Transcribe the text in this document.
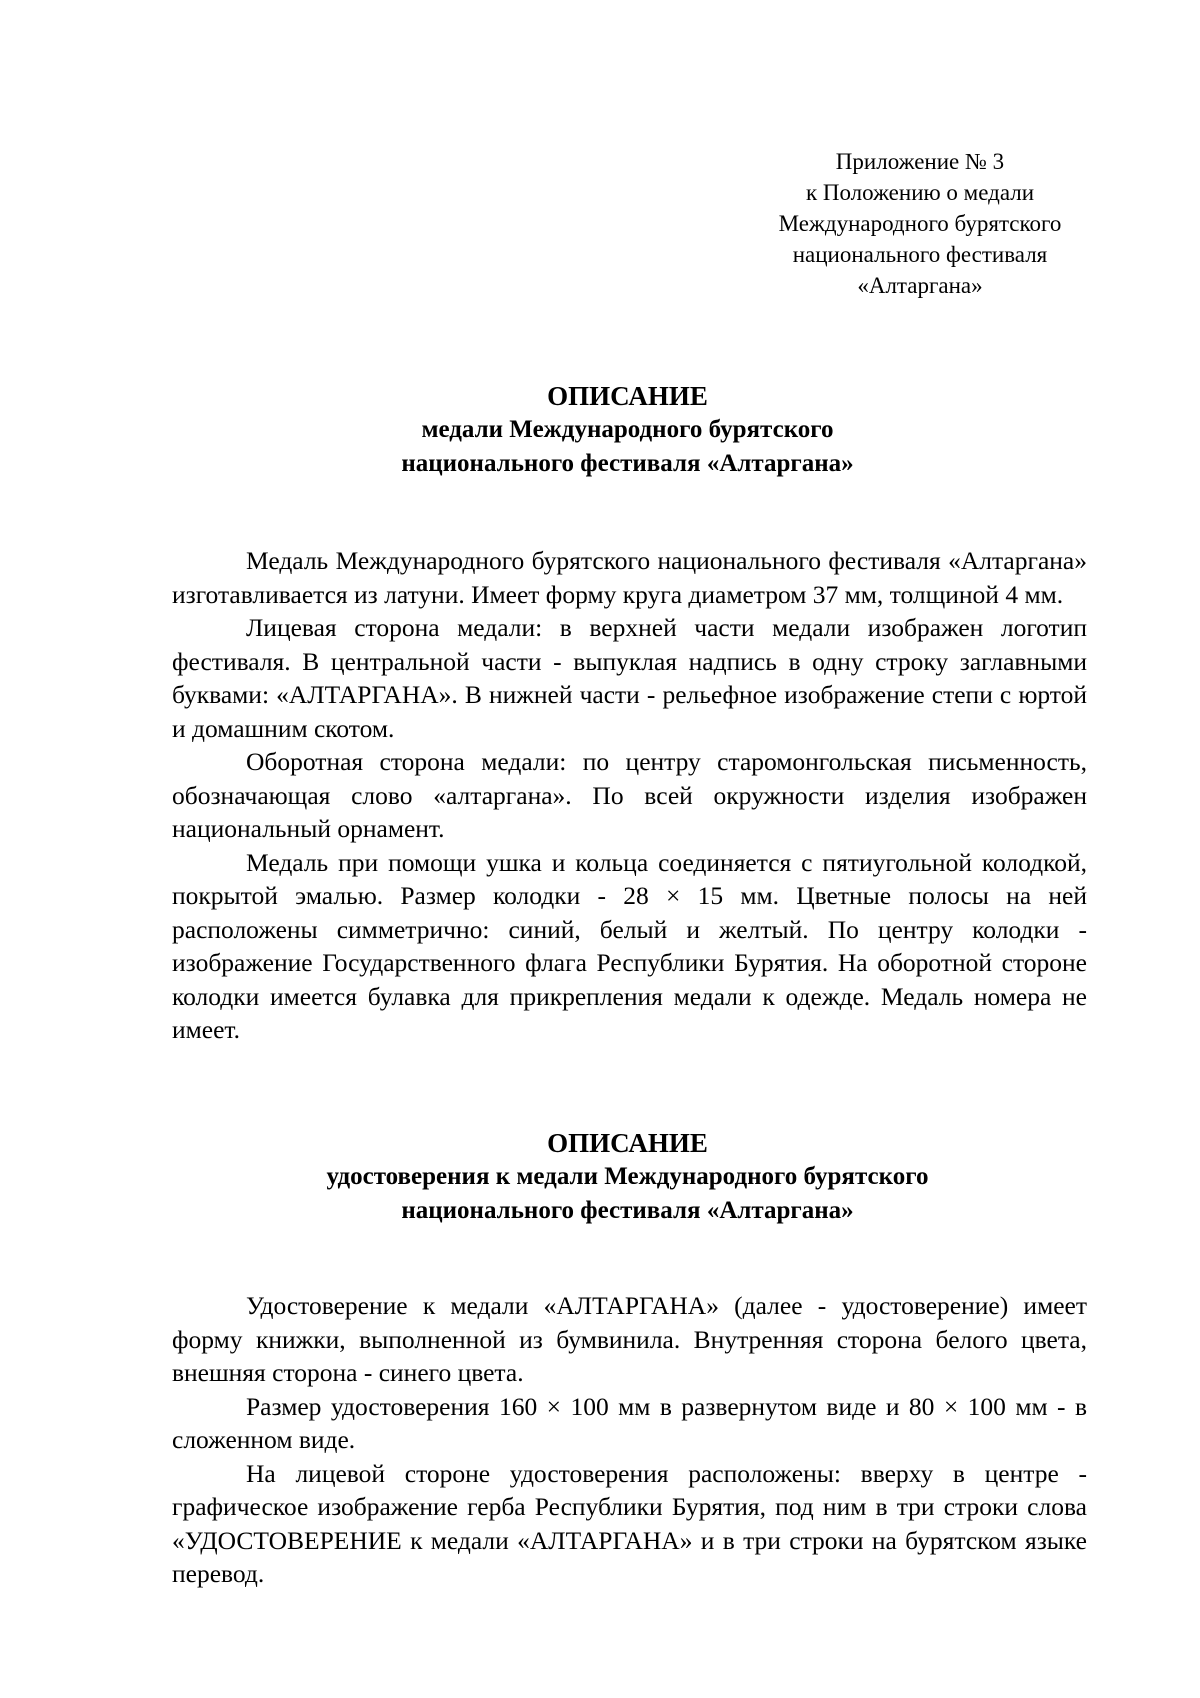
Приложение № 3
к Положению о медали
Международного бурятского
национального фестиваля
«Алтаргана»
ОПИСАНИЕ
медали Международного бурятского
национального фестиваля «Алтаргана»

Медаль Международного бурятского национального фестиваля «Алтаргана» изготавливается из латуни. Имеет форму круга диаметром 37 мм, толщиной 4 мм.

Лицевая сторона медали: в верхней части медали изображен логотип фестиваля. В центральной части - выпуклая надпись в одну строку заглавными буквами: «АЛТАРГАНА». В нижней части - рельефное изображение степи с юртой и домашним скотом.

Оборотная сторона медали: по центру старомонгольская письменность, обозначающая слово «алтаргана». По всей окружности изделия изображен национальный орнамент.

Медаль при помощи ушка и кольца соединяется с пятиугольной колодкой, покрытой эмалью. Размер колодки - 28 × 15 мм. Цветные полосы на ней расположены симметрично: синий, белый и желтый. По центру колодки - изображение Государственного флага Республики Бурятия. На оборотной стороне колодки имеется булавка для прикрепления медали к одежде. Медаль номера не имеет.

ОПИСАНИЕ
удостоверения к медали Международного бурятского
национального фестиваля «Алтаргана»

Удостоверение к медали «АЛТАРГАНА» (далее - удостоверение) имеет форму книжки, выполненной из бумвинила. Внутренняя сторона белого цвета, внешняя сторона - синего цвета.

Размер удостоверения 160 × 100 мм в развернутом виде и 80 × 100 мм - в сложенном виде.

На лицевой стороне удостоверения расположены: вверху в центре - графическое изображение герба Республики Бурятия, под ним в три строки слова «УДОСТОВЕРЕНИЕ к медали «АЛТАРГАНА» и в три строки на бурятском языке перевод.
